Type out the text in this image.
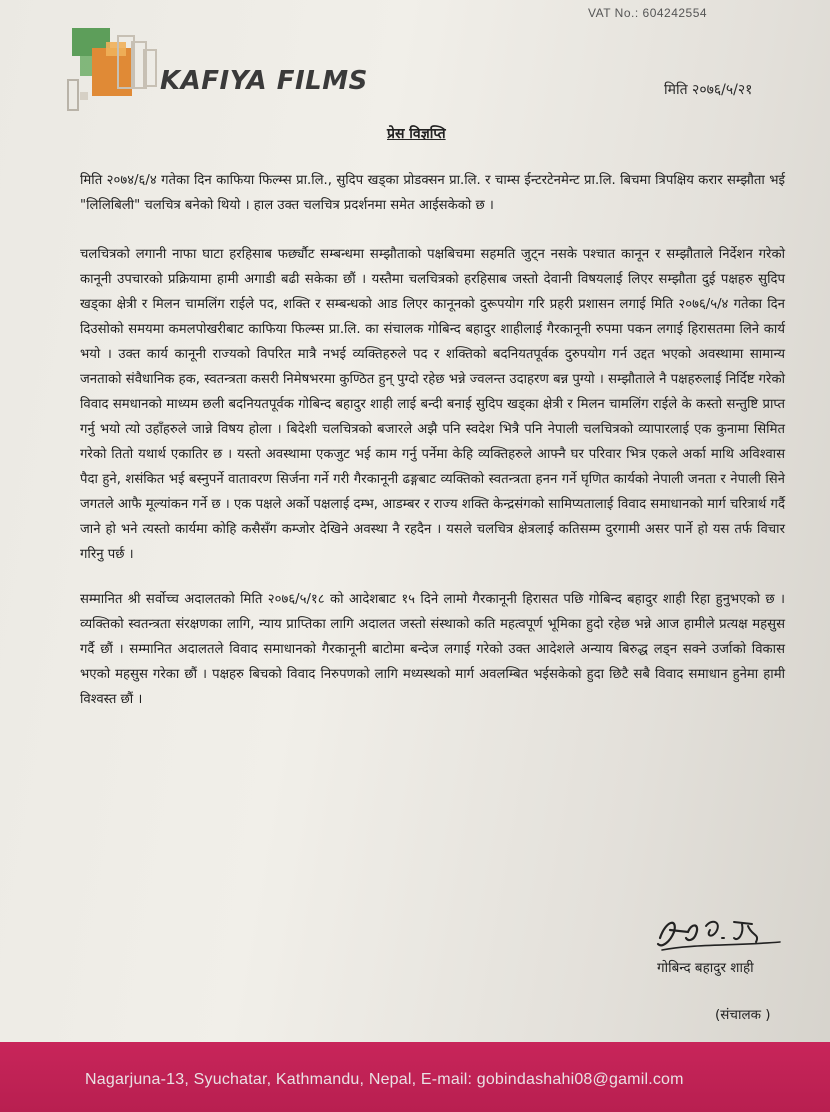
VAT No.: 604242554
KAFIYA FILMS	मिति २०७६/५/२१
प्रेस विज्ञप्ति

मिति २०७४/६/४ गतेका दिन काफिया फिल्म्स प्रा.लि., सुदिप खड्का प्रोडक्सन प्रा.लि. र चाम्स ईन्टरटेनमेन्ट प्रा.लि. बिचमा त्रिपक्षिय करार सम्झौता भई "लिलिबिली" चलचित्र बनेको थियो । हाल उक्त चलचित्र प्रदर्शनमा समेत आईसकेको छ ।

चलचित्रको लगानी नाफा घाटा हरहिसाब फर्छ्यौट सम्बन्धमा सम्झौताको पक्षबिचमा सहमति जुट्न नसके पश्चात कानून र सम्झौताले निर्देशन गरेको कानूनी उपचारको प्रक्रियामा हामी अगाडी बढी सकेका छौं । यस्तैमा चलचित्रको हरहिसाब जस्तो देवानी विषयलाई लिएर सम्झौता दुई पक्षहरु सुदिप खड्का क्षेत्री र मिलन चामलिंग राईले पद, शक्ति र सम्बन्धको आड लिएर कानूनको दुरूपयोग गरि प्रहरी प्रशासन लगाई मिति २०७६/५/४ गतेका दिन दिउसोको समयमा कमलपोखरीबाट काफिया फिल्म्स प्रा.लि. का संचालक गोबिन्द बहादुर शाहीलाई गैरकानूनी रुपमा पकन लगाई हिरासतमा लिने कार्य भयो । उक्त कार्य कानूनी राज्यको विपरित मात्रै नभई व्यक्तिहरुले पद र शक्तिको बदनियतपूर्वक दुरुपयोग गर्न उद्दत भएको अवस्थामा सामान्य जनताको संवैधानिक हक, स्वतन्त्रता कसरी निमेषभरमा कुण्ठित हुन् पुग्दो रहेछ भन्ने ज्वलन्त उदाहरण बन्न पुग्यो । सम्झौताले नै पक्षहरुलाई निर्दिष्ट गरेको विवाद समधानको माध्यम छली बदनियतपूर्वक गोबिन्द बहादुर शाही लाई बन्दी बनाई सुदिप खड्का क्षेत्री र मिलन चामलिंग राईले के कस्तो सन्तुष्टि प्राप्त गर्नु भयो त्यो उहाँहरुले जान्ने विषय होला । बिदेशी चलचित्रको बजारले अझै पनि स्वदेश भित्रै पनि नेपाली चलचित्रको व्यापारलाई एक कुनामा सिमित गरेको तितो यथार्थ एकातिर छ । यस्तो अवस्थामा एकजुट भई काम गर्नु पर्नेमा केहि व्यक्तिहरुले आफ्नै घर परिवार भित्र एकले अर्का माथि अविश्वास पैदा हुने, शसंकित भई बस्नुपर्ने वातावरण सिर्जना गर्ने गरी गैरकानूनी ढङ्गबाट व्यक्तिको स्वतन्त्रता हनन गर्ने घृणित कार्यको नेपाली जनता र नेपाली सिने जगतले आफै मूल्यांकन गर्ने छ । एक पक्षले अर्को पक्षलाई दम्भ, आडम्बर र राज्य शक्ति केन्द्रसंगको सामिप्यतालाई विवाद समाधानको मार्ग चरित्रार्थ गर्दै जाने हो भने त्यस्तो कार्यमा कोहि कसैसँग कम्जोर देखिने अवस्था नै रहदैन । यसले चलचित्र क्षेत्रलाई कतिसम्म दुरगामी असर पार्ने हो यस तर्फ विचार गरिनु पर्छ ।

सम्मानित श्री सर्वोच्च अदालतको मिति २०७६/५/१८ को आदेशबाट १५ दिने लामो गैरकानूनी हिरासत पछि गोबिन्द बहादुर शाही रिहा हुनुभएको छ । व्यक्तिको स्वतन्त्रता संरक्षणका लागि, न्याय प्राप्तिका लागि अदालत जस्तो संस्थाको कति महत्वपूर्ण भूमिका हुदो रहेछ भन्ने आज हामीले प्रत्यक्ष महसुस गर्दै छौं । सम्मानित अदालतले विवाद समाधानको गैरकानूनी बाटोमा बन्देज लगाई गरेको उक्त आदेशले अन्याय बिरुद्ध लड्न सक्ने उर्जाको विकास भएको महसुस गरेका छौं । पक्षहरु बिचको विवाद निरुपणको लागि मध्यस्थको मार्ग अवलम्बित भईसकेको हुदा छिटै सबै विवाद समाधान हुनेमा हामी विश्वस्त छौं ।

गोबिन्द बहादुर शाही
(संचालक )
Nagarjuna-13, Syuchatar, Kathmandu, Nepal, E-mail: gobindashahi08@gamil.com
